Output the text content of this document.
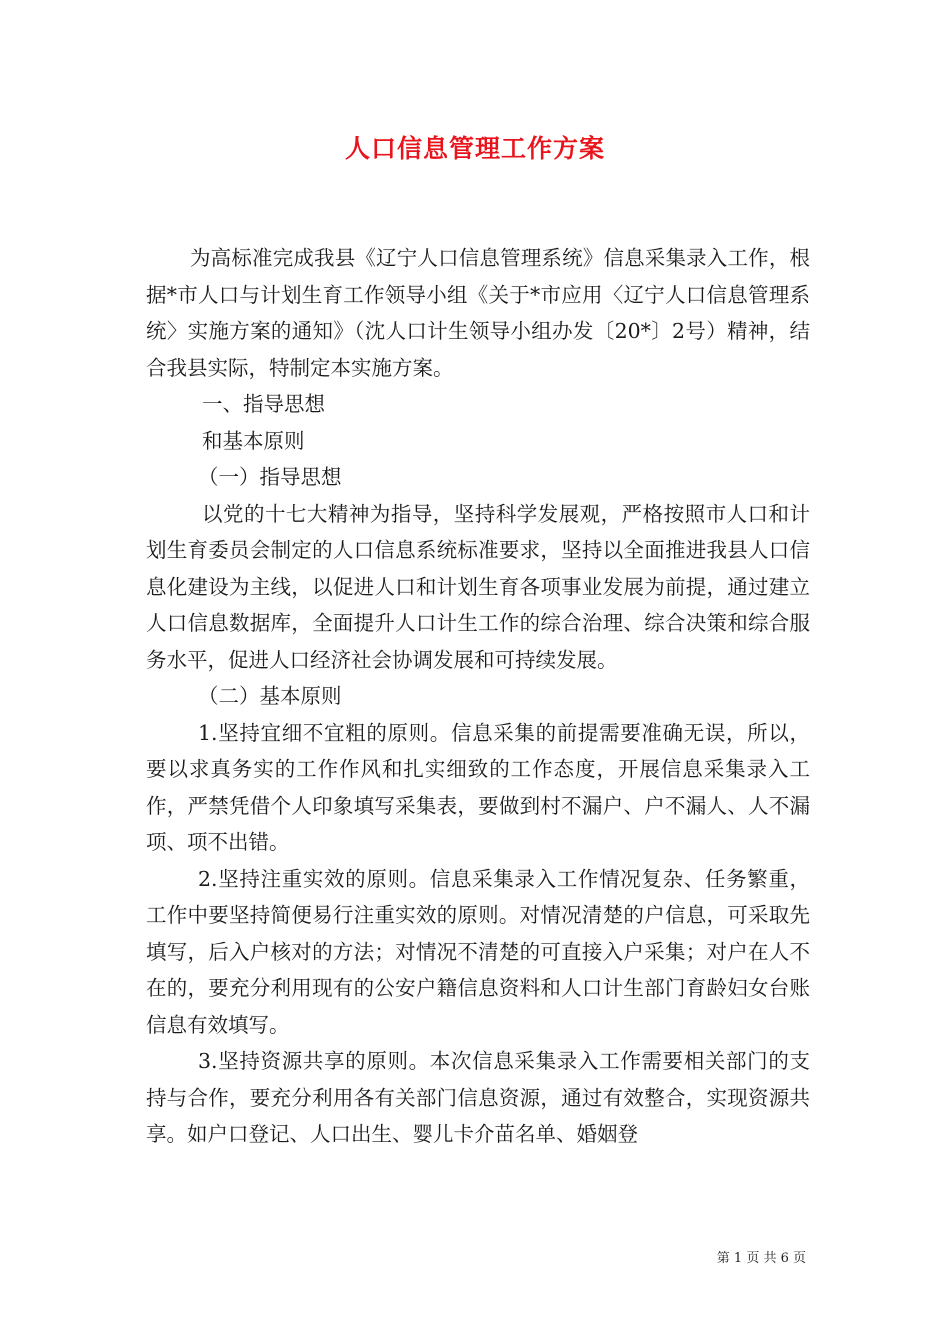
人口信息管理工作方案

为高标准完成我县《辽宁人口信息管理系统》信息采集录入工作，根据*市人口与计划生育工作领导小组《关于*市应用〈辽宁人口信息管理系统〉实施方案的通知》（沈人口计生领导小组办发〔20*〕2号）精神，结合我县实际，特制定本实施方案。

一、指导思想

和基本原则

（一）指导思想

以党的十七大精神为指导，坚持科学发展观，严格按照市人口和计划生育委员会制定的人口信息系统标准要求，坚持以全面推进我县人口信息化建设为主线，以促进人口和计划生育各项事业发展为前提，通过建立人口信息数据库，全面提升人口计生工作的综合治理、综合决策和综合服务水平，促进人口经济社会协调发展和可持续发展。

（二）基本原则

1.坚持宜细不宜粗的原则。信息采集的前提需要准确无误，所以，要以求真务实的工作作风和扎实细致的工作态度，开展信息采集录入工作，严禁凭借个人印象填写采集表，要做到村不漏户、户不漏人、人不漏项、项不出错。

2.坚持注重实效的原则。信息采集录入工作情况复杂、任务繁重，工作中要坚持简便易行注重实效的原则。对情况清楚的户信息，可采取先填写，后入户核对的方法；对情况不清楚的可直接入户采集；对户在人不在的，要充分利用现有的公安户籍信息资料和人口计生部门育龄妇女台账信息有效填写。

3.坚持资源共享的原则。本次信息采集录入工作需要相关部门的支持与合作，要充分利用各有关部门信息资源，通过有效整合，实现资源共享。如户口登记、人口出生、婴儿卡介苗名单、婚姻登

第 1 页 共 6 页
